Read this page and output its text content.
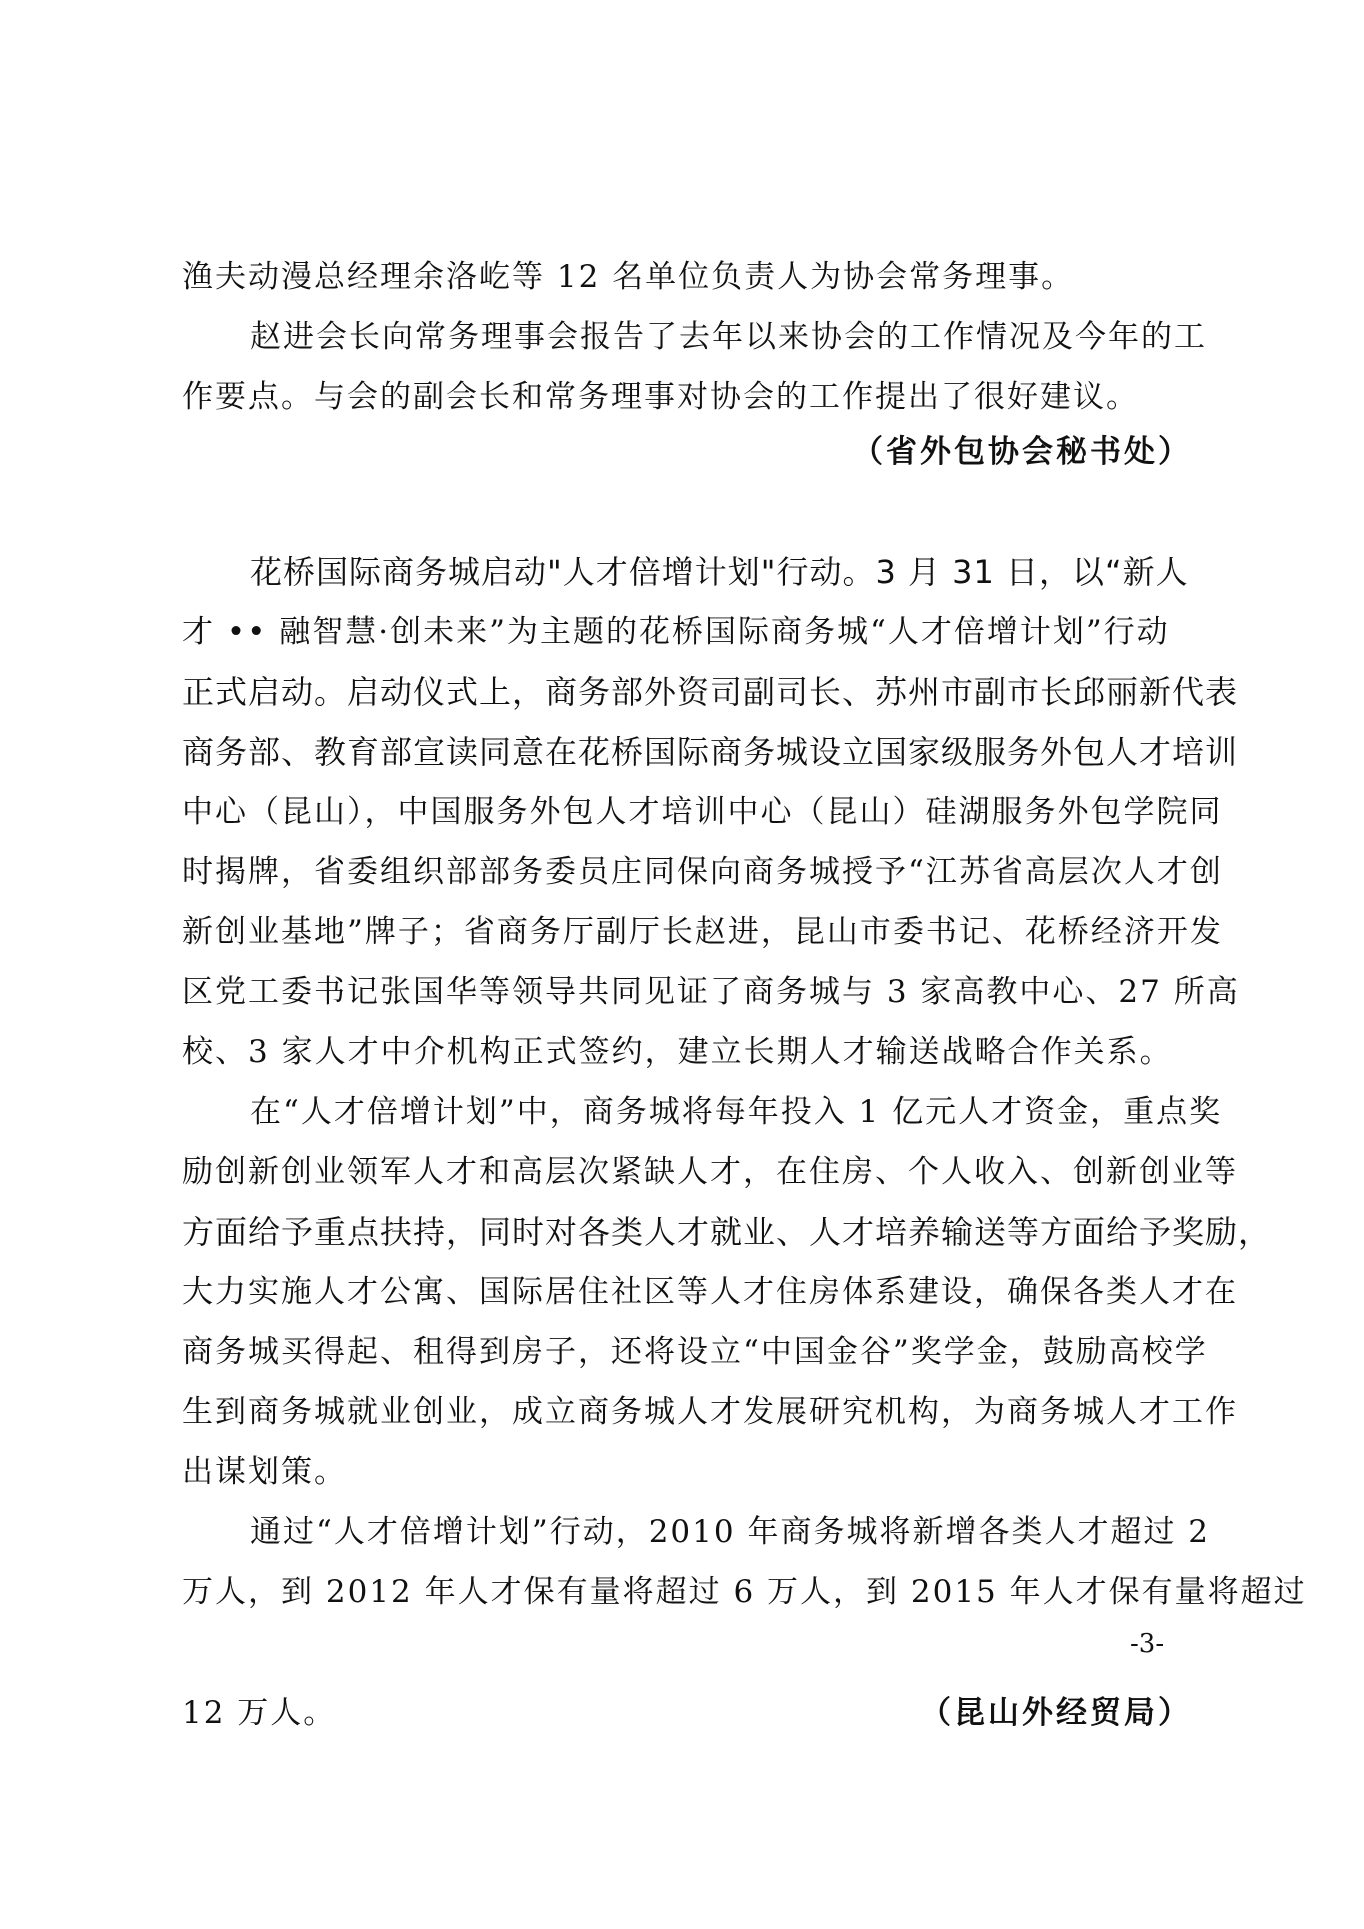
渔夫动漫总经理余洛屹等 12 名单位负责人为协会常务理事。
赵进会长向常务理事会报告了去年以来协会的工作情况及今年的工
作要点。与会的副会长和常务理事对协会的工作提出了很好建议。
（省外包协会秘书处）
花桥国际商务城启动"人才倍增计划"行动。3 月 31 日，以“新人
才 •• 融智慧·创未来”为主题的花桥国际商务城“人才倍增计划”行动
正式启动。启动仪式上，商务部外资司副司长、苏州市副市长邱丽新代表
商务部、教育部宣读同意在花桥国际商务城设立国家级服务外包人才培训
中心（昆山），中国服务外包人才培训中心（昆山）硅湖服务外包学院同
时揭牌，省委组织部部务委员庄同保向商务城授予“江苏省高层次人才创
新创业基地”牌子；省商务厅副厅长赵进，昆山市委书记、花桥经济开发
区党工委书记张国华等领导共同见证了商务城与 3 家高教中心、27 所高
校、3 家人才中介机构正式签约，建立长期人才输送战略合作关系。
在“人才倍增计划”中，商务城将每年投入 1 亿元人才资金，重点奖
励创新创业领军人才和高层次紧缺人才，在住房、个人收入、创新创业等
方面给予重点扶持，同时对各类人才就业、人才培养输送等方面给予奖励，
大力实施人才公寓、国际居住社区等人才住房体系建设，确保各类人才在
商务城买得起、租得到房子，还将设立“中国金谷”奖学金，鼓励高校学
生到商务城就业创业，成立商务城人才发展研究机构，为商务城人才工作
出谋划策。
通过“人才倍增计划”行动，2010 年商务城将新增各类人才超过 2
万人，到 2012 年人才保有量将超过 6 万人，到 2015 年人才保有量将超过
-3-
12 万人。	（昆山外经贸局）
